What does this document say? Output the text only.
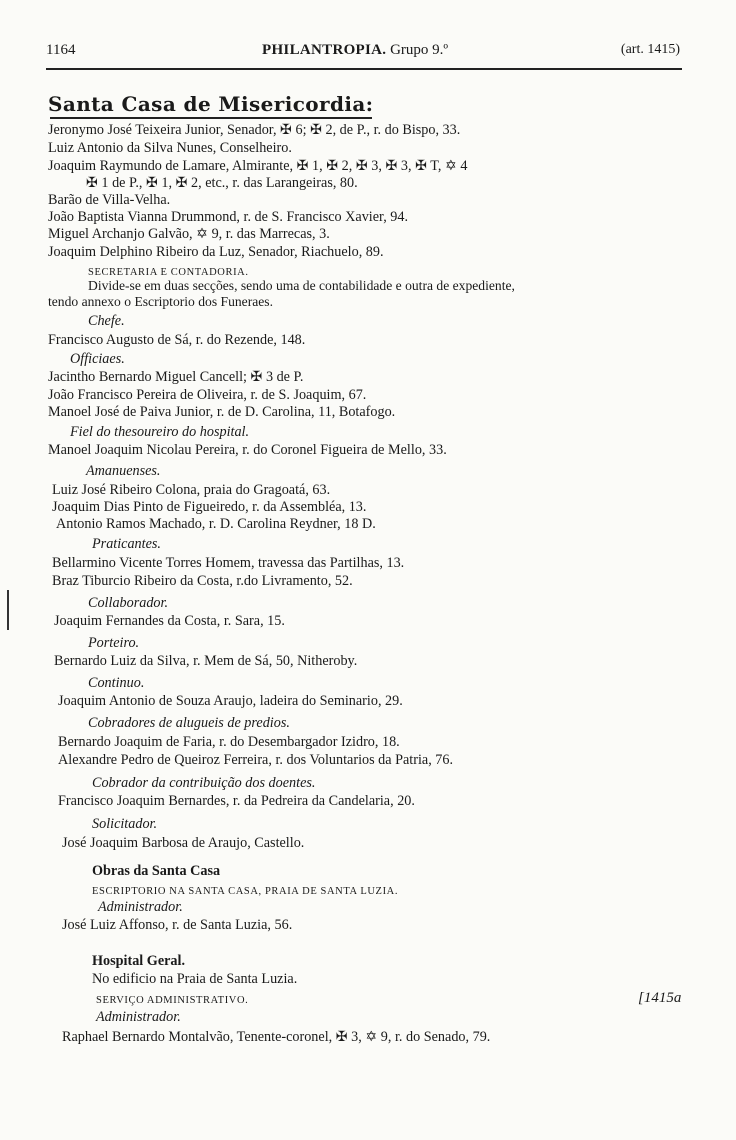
1164	PHILANTROPIA. Grupo 9.º	(art. 1415)
Santa Casa de Misericordia:
Jeronymo José Teixeira Junior, Senador, ✠ 6; ✠ 2, de P., r. do Bispo, 33.
Luiz Antonio da Silva Nunes, Conselheiro.
Joaquim Raymundo de Lamare, Almirante, ✠ 1, ✠ 2, ✠ 3, ✠ 3, ✠ T, ✡ 4
✠ 1 de P., ✠ 1, ✠ 2, etc., r. das Larangeiras, 80.
Barão de Villa-Velha.
João Baptista Vianna Drummond, r. de S. Francisco Xavier, 94.
Miguel Archanjo Galvão, ✡ 9, r. das Marrecas, 3.
Joaquim Delphino Ribeiro da Luz, Senador, Riachuelo, 89.
SECRETARIA E CONTADORIA.
Divide-se em duas secções, sendo uma de contabilidade e outra de expediente,
tendo annexo o Escriptorio dos Funeraes.
Chefe.
Francisco Augusto de Sá, r. do Rezende, 148.
Officiaes.
Jacintho Bernardo Miguel Cancell; ✠ 3 de P.
João Francisco Pereira de Oliveira, r. de S. Joaquim, 67.
Manoel José de Paiva Junior, r. de D. Carolina, 11, Botafogo.
Fiel do thesoureiro do hospital.
Manoel Joaquim Nicolau Pereira, r. do Coronel Figueira de Mello, 33.
Amanuenses.
Luiz José Ribeiro Colona, praia do Gragoatá, 63.
Joaquim Dias Pinto de Figueiredo, r. da Assembléa, 13.
Antonio Ramos Machado, r. D. Carolina Reydner, 18 D.
Praticantes.
Bellarmino Vicente Torres Homem, travessa das Partilhas, 13.
Braz Tiburcio Ribeiro da Costa, r.do Livramento, 52.
Collaborador.
Joaquim Fernandes da Costa, r. Sara, 15.
Porteiro.
Bernardo Luiz da Silva, r. Mem de Sá, 50, Nitheroby.
Continuo.
Joaquim Antonio de Souza Araujo, ladeira do Seminario, 29.
Cobradores de alugueis de predios.
Bernardo Joaquim de Faria, r. do Desembargador Izidro, 18.
Alexandre Pedro de Queiroz Ferreira, r. dos Voluntarios da Patria, 76.
Cobrador da contribuição dos doentes.
Francisco Joaquim Bernardes, r. da Pedreira da Candelaria, 20.
Solicitador.
José Joaquim Barbosa de Araujo, Castello.
Obras da Santa Casa
ESCRIPTORIO NA SANTA CASA, PRAIA DE SANTA LUZIA.
Administrador.
José Luiz Affonso, r. de Santa Luzia, 56.
Hospital Geral.
No edificio na Praia de Santa Luzia.
SERVIÇO ADMINISTRATIVO.	[1415a
Administrador.
Raphael Bernardo Montalvão, Tenente-coronel, ✠ 3, ✡ 9, r. do Senado, 79.
